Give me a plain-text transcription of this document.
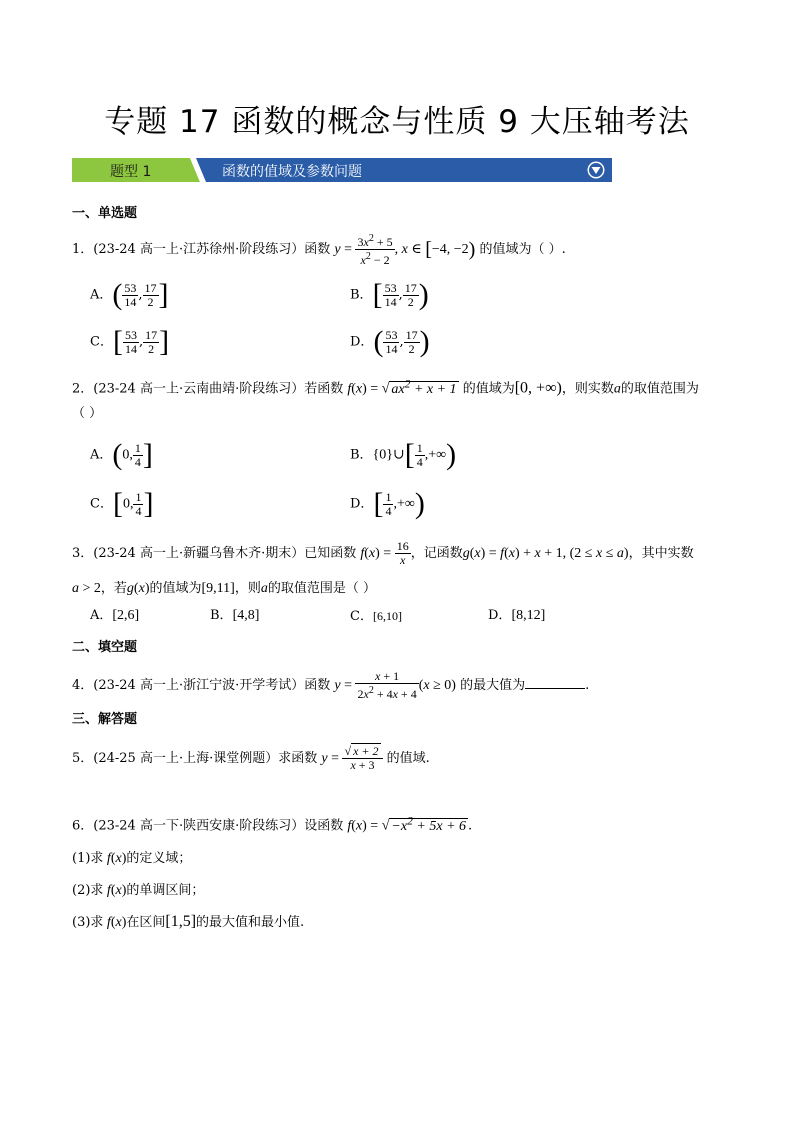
专题 17 函数的概念与性质 9 大压轴考法
题型 1	函数的值域及参数问题
一、单选题
1．(23-24 高一上·江苏徐州·阶段练习）函数 $y = \frac{3x^2 + 5}{x^2 - 2}$ , x ∈ [−4, −2) 的值域为（ ）.
A．( $\frac{53}{14}$ , $\frac{17}{2}$ ]	B．[ $\frac{53}{14}$ , $\frac{17}{2}$ )
C．[ $\frac{53}{14}$ , $\frac{17}{2}$ ]	D．( $\frac{53}{14}$ , $\frac{17}{2}$ )
2．(23-24 高一上·云南曲靖·阶段练习）若函数 f(x) = √ $ax^2 + x + 1$ 的值域为[0, +∞)，则实数a的取值范围为
（ ）
A．(0, $\frac{1}{4}$ ]	B．{0}∪[ $\frac{1}{4}$ ,+∞)
C．[0, $\frac{1}{4}$ ]	D．[ $\frac{1}{4}$ ,+∞)
3．(23-24 高一上·新疆乌鲁木齐·期末）已知函数 $f(x) = \frac{16}{x}$ ，记函数g(x) = f(x) + x + 1, (2 ≤ x ≤ a)，其中实数
a > 2，若g(x)的值域为[9,11]，则a的取值范围是（ ）
A．[2,6]	B．[4,8]	C．[6,10]	D．[8,12]
二、填空题
4．(23-24 高一上·浙江宁波·开学考试）函数 $y = \frac{x + 1}{2x^2 + 4x + 4} (x \ge 0)$ 的最大值为	.
三、解答题
5．(24-25 高一上·上海·课堂例题）求函数 $y = \frac{√ x + 2}{x + 3}$ 的值域.
6．(23-24 高一下·陕西安康·阶段练习）设函数 f(x) = √ $-x^2 + 5x + 6$ .
(1)求 f(x)的定义域；
(2)求 f(x)的单调区间；
(3)求 f(x)在区间[1,5]的最大值和最小值.
